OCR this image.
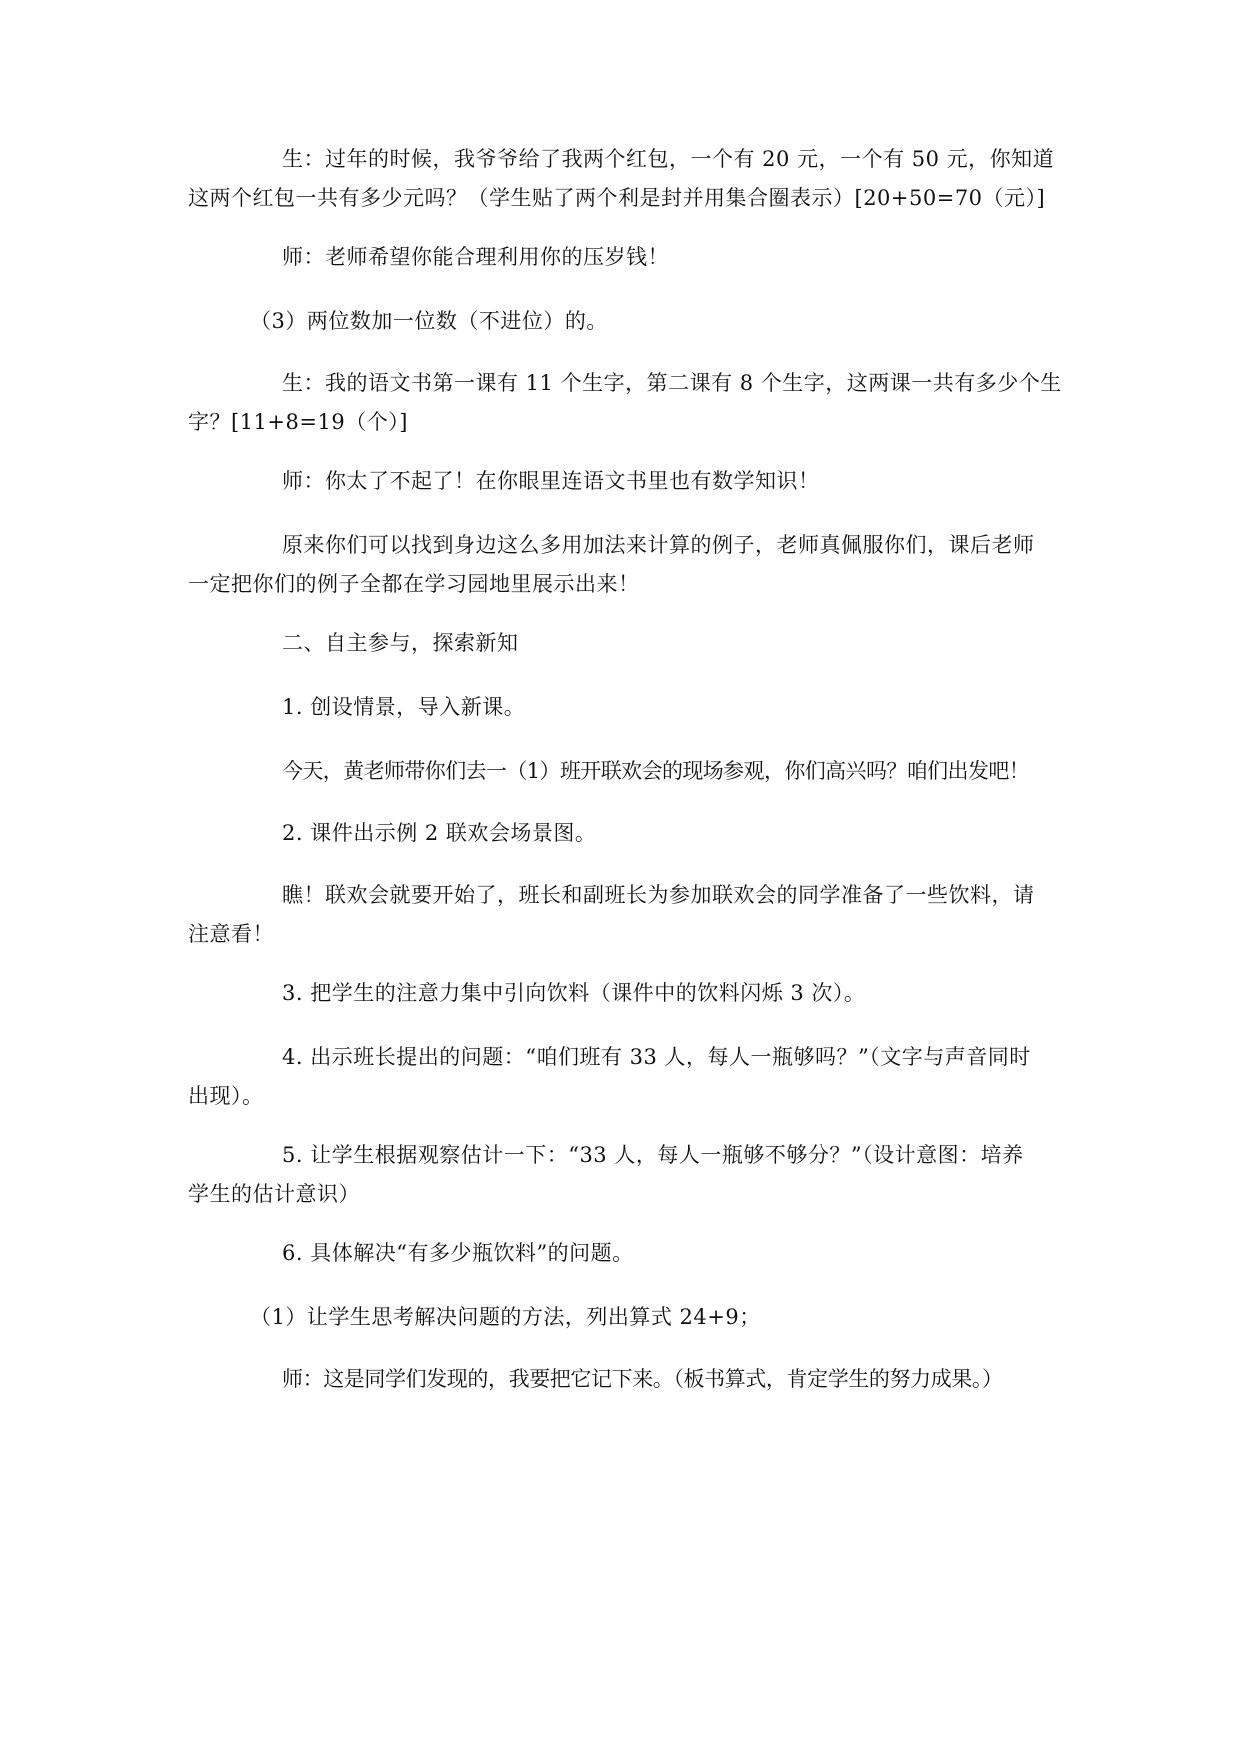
生：过年的时候，我爷爷给了我两个红包，一个有 20 元，一个有 50 元，你知道
这两个红包一共有多少元吗？（学生贴了两个利是封并用集合圈表示）[20+50=70（元）]

师：老师希望你能合理利用你的压岁钱！

（3）两位数加一位数（不进位）的。

生：我的语文书第一课有 11 个生字，第二课有 8 个生字，这两课一共有多少个生
字？[11+8=19（个）]

师：你太了不起了！在你眼里连语文书里也有数学知识！

原来你们可以找到身边这么多用加法来计算的例子，老师真佩服你们，课后老师
一定把你们的例子全都在学习园地里展示出来！

二、自主参与，探索新知

1. 创设情景，导入新课。

今天，黄老师带你们去一（1）班开联欢会的现场参观，你们高兴吗？咱们出发吧！

2. 课件出示例 2 联欢会场景图。

瞧！联欢会就要开始了，班长和副班长为参加联欢会的同学准备了一些饮料，请
注意看！

3. 把学生的注意力集中引向饮料（课件中的饮料闪烁 3 次）。

4. 出示班长提出的问题：“咱们班有 33 人，每人一瓶够吗？”（文字与声音同时
出现）。

5. 让学生根据观察估计一下：“33 人，每人一瓶够不够分？”（设计意图：培养
学生的估计意识）

6. 具体解决“有多少瓶饮料”的问题。

（1）让学生思考解决问题的方法，列出算式 24+9；

师：这是同学们发现的，我要把它记下来。（板书算式，肯定学生的努力成果。）
